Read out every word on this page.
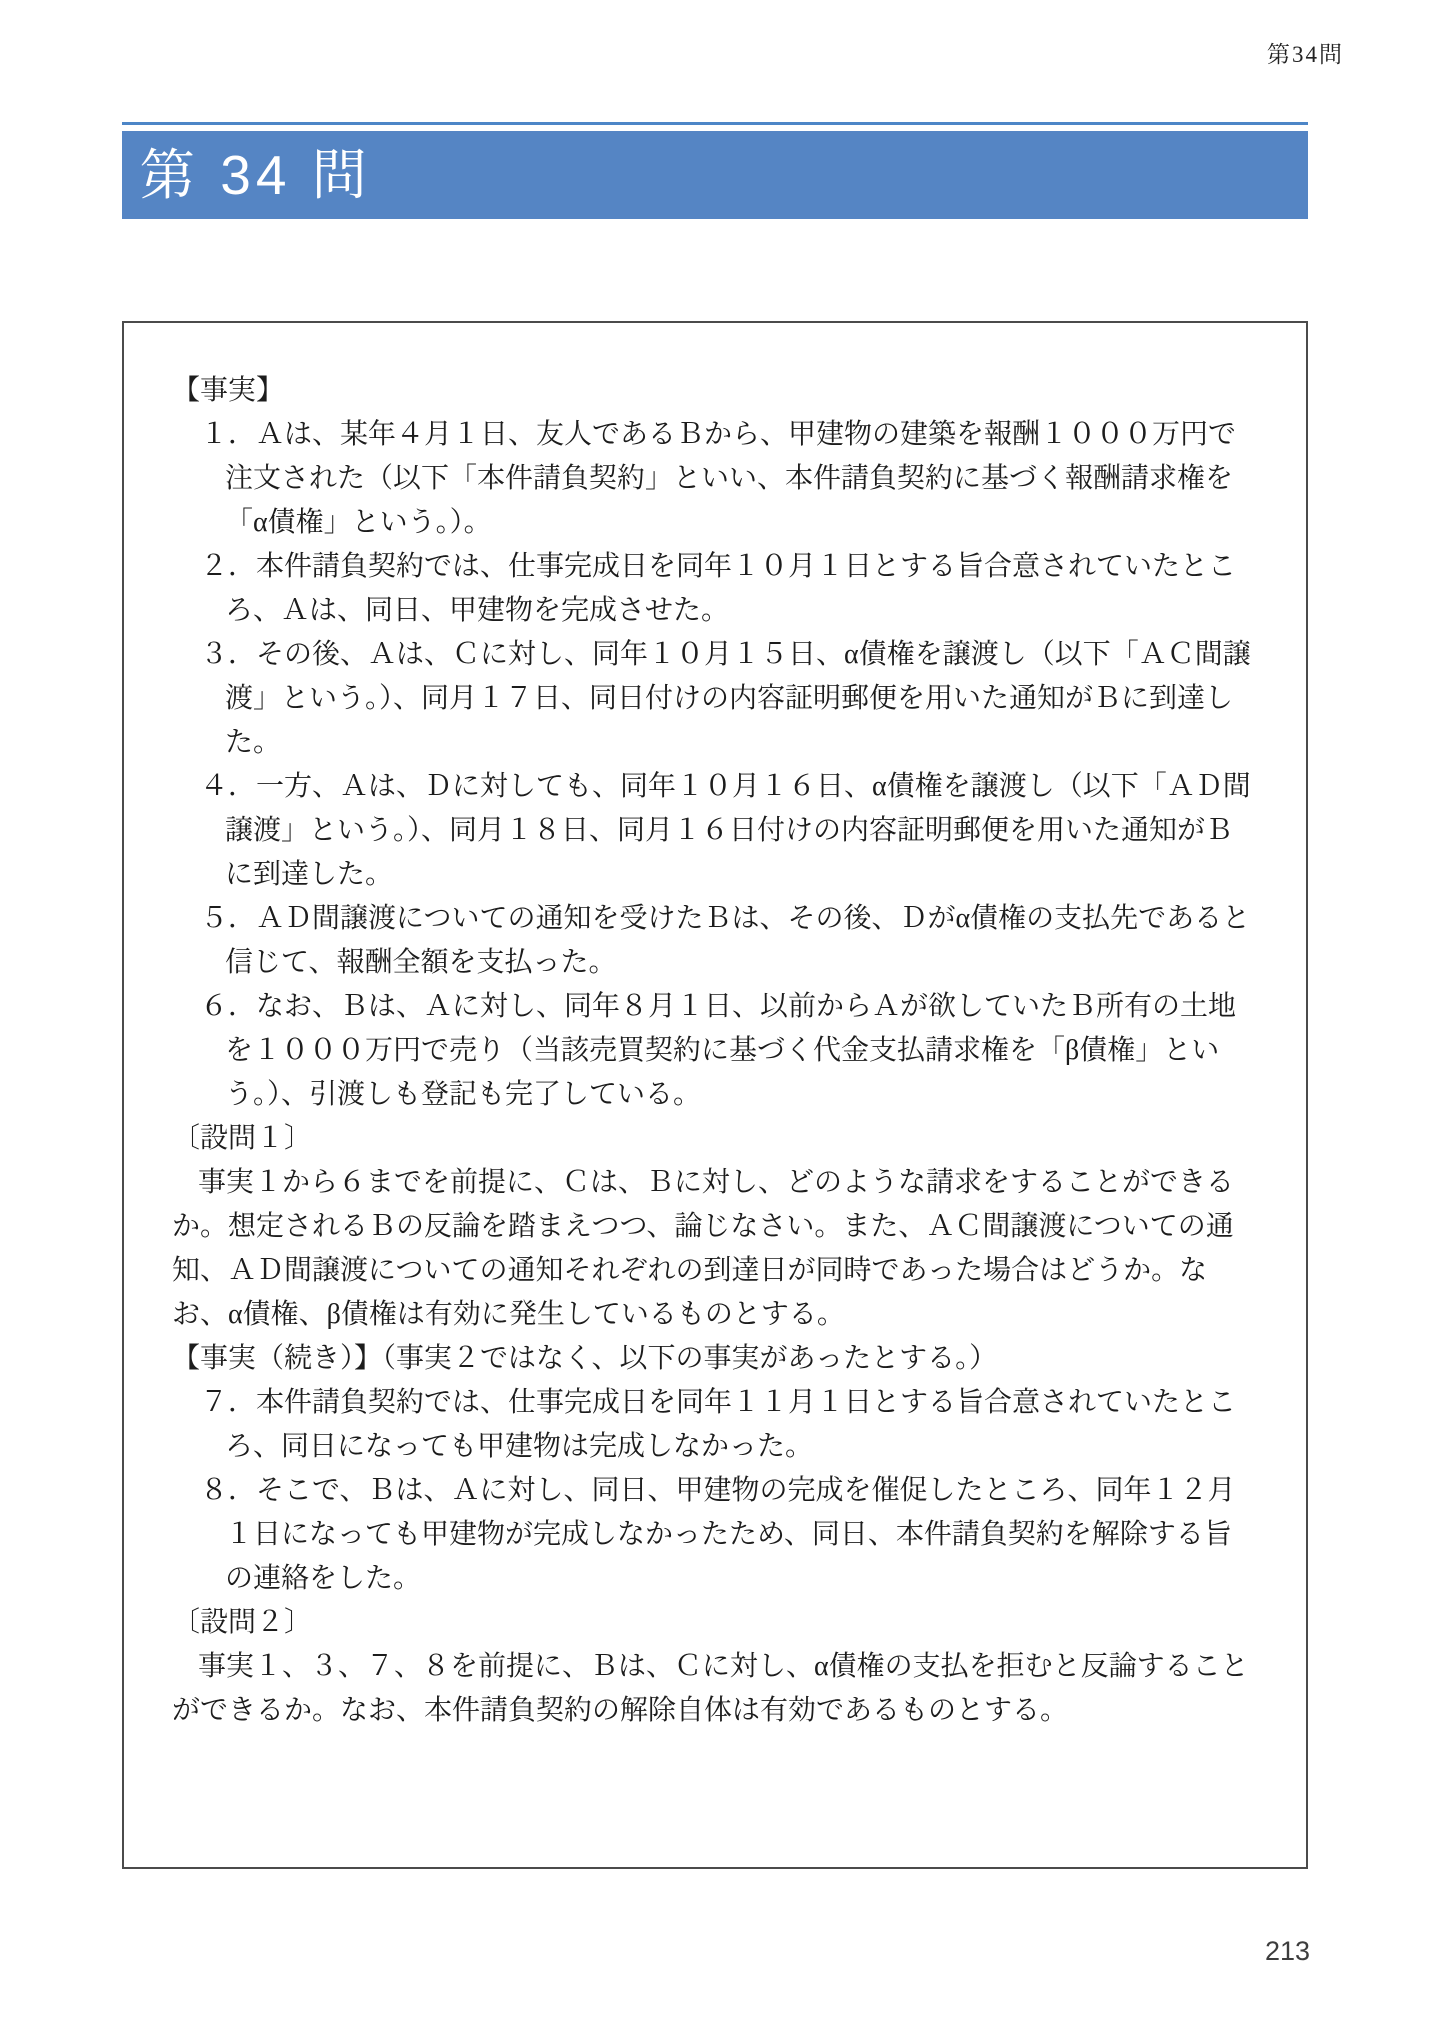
第34問
第 34 問

【事実】

１．Ａは、某年４月１日、友人であるＢから、甲建物の建築を報酬１０００万円で注文された（以下「本件請負契約」といい、本件請負契約に基づく報酬請求権を「α債権」という。）。

２．本件請負契約では、仕事完成日を同年１０月１日とする旨合意されていたところ、Ａは、同日、甲建物を完成させた。

３．その後、Ａは、Ｃに対し、同年１０月１５日、α債権を譲渡し（以下「ＡＣ間譲渡」という。）、同月１７日、同日付けの内容証明郵便を用いた通知がＢに到達した。

４．一方、Ａは、Ｄに対しても、同年１０月１６日、α債権を譲渡し（以下「ＡＤ間譲渡」という。）、同月１８日、同月１６日付けの内容証明郵便を用いた通知がＢに到達した。

５．ＡＤ間譲渡についての通知を受けたＢは、その後、Ｄがα債権の支払先であると信じて、報酬全額を支払った。

６．なお、Ｂは、Ａに対し、同年８月１日、以前からＡが欲していたＢ所有の土地を１０００万円で売り（当該売買契約に基づく代金支払請求権を「β債権」という。）、引渡しも登記も完了している。

〔設問１〕

事実１から６までを前提に、Ｃは、Ｂに対し、どのような請求をすることができるか。想定されるＢの反論を踏まえつつ、論じなさい。また、ＡＣ間譲渡についての通知、ＡＤ間譲渡についての通知それぞれの到達日が同時であった場合はどうか。なお、α債権、β債権は有効に発生しているものとする。

【事実（続き）】（事実２ではなく、以下の事実があったとする。）

７．本件請負契約では、仕事完成日を同年１１月１日とする旨合意されていたところ、同日になっても甲建物は完成しなかった。

８．そこで、Ｂは、Ａに対し、同日、甲建物の完成を催促したところ、同年１２月１日になっても甲建物が完成しなかったため、同日、本件請負契約を解除する旨の連絡をした。

〔設問２〕

事実１、３、７、８を前提に、Ｂは、Ｃに対し、α債権の支払を拒むと反論することができるか。なお、本件請負契約の解除自体は有効であるものとする。

213
